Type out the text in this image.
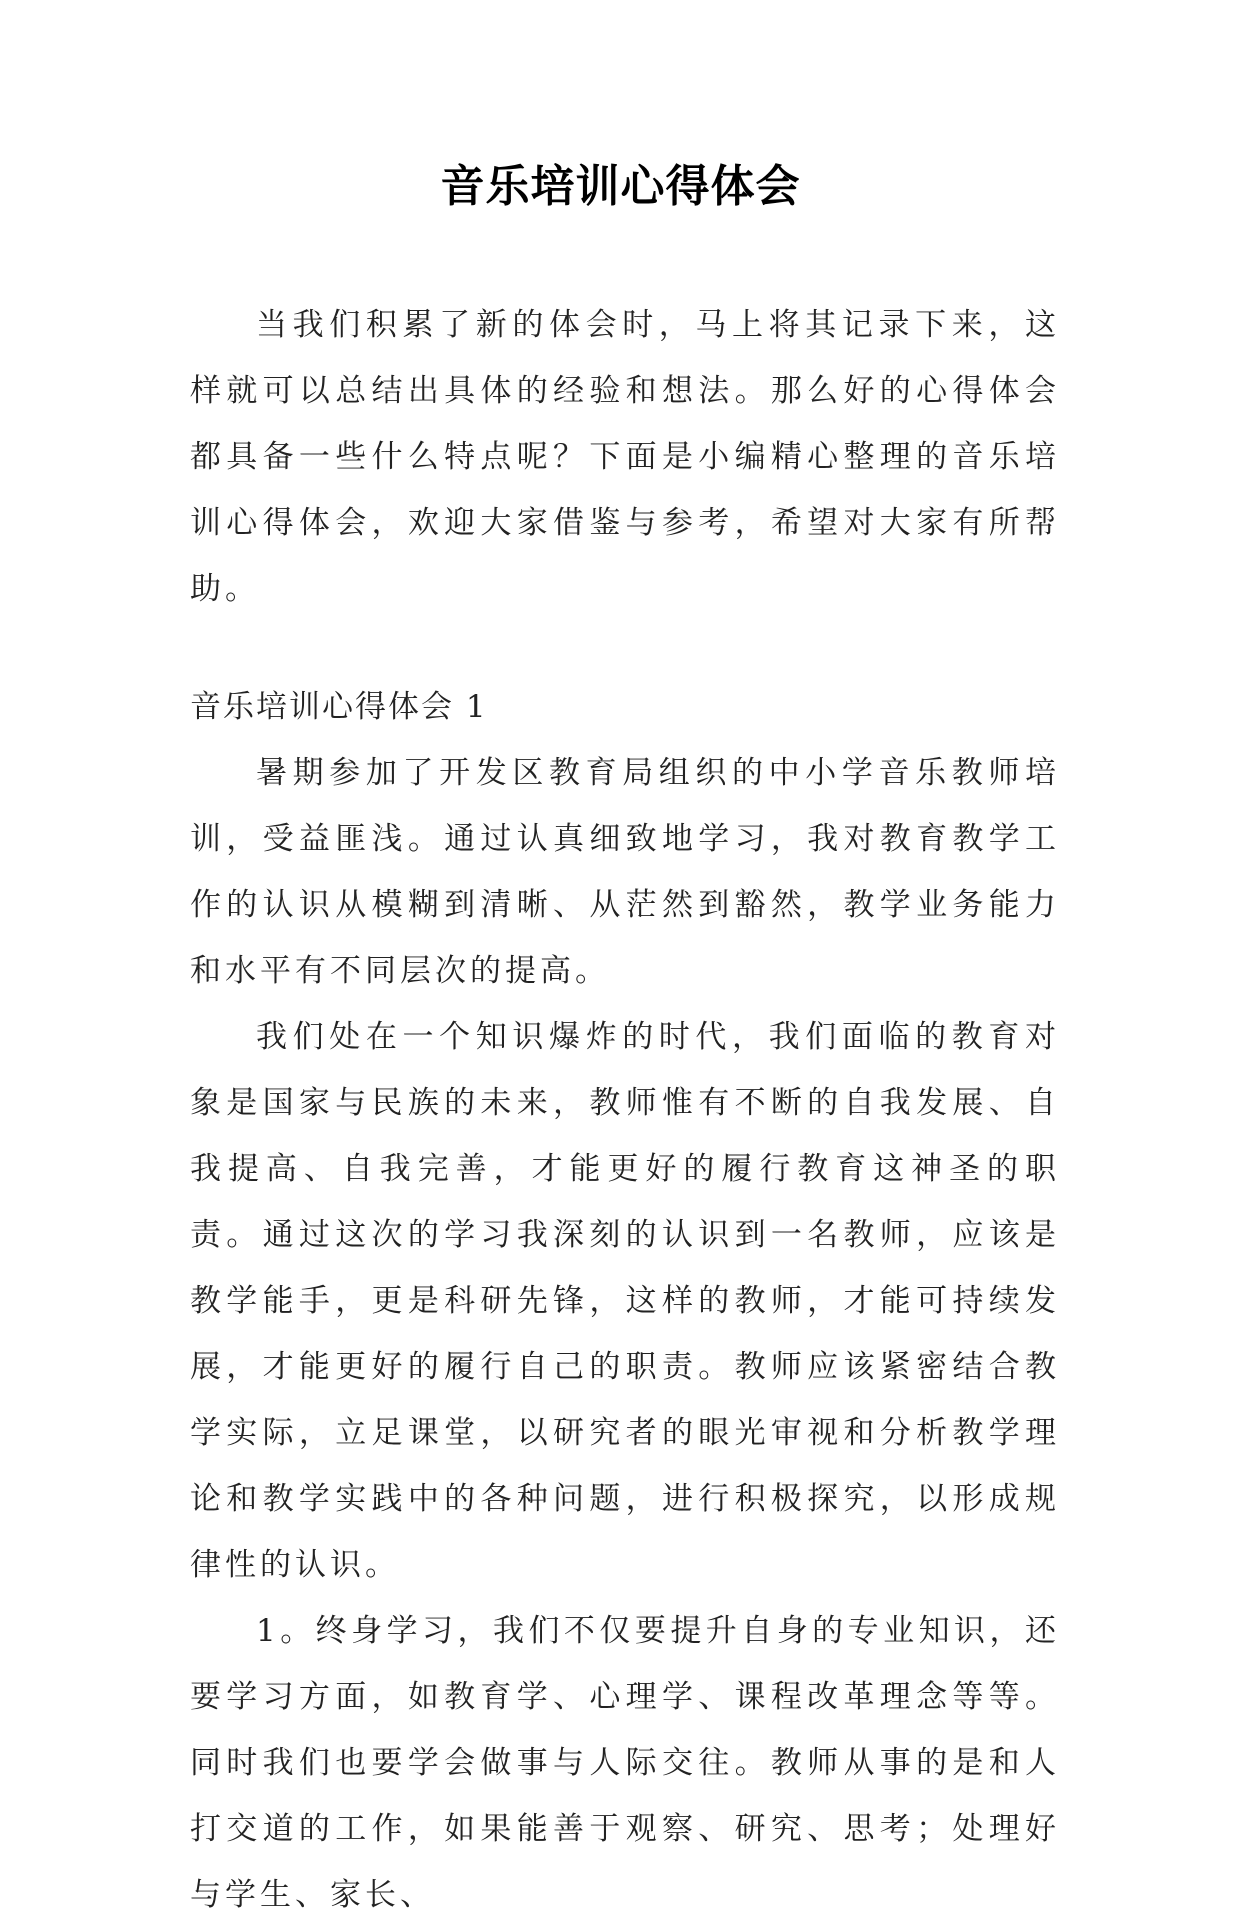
音乐培训心得体会

当我们积累了新的体会时，马上将其记录下来，这样就可以总结出具体的经验和想法。那么好的心得体会都具备一些什么特点呢？下面是小编精心整理的音乐培训心得体会，欢迎大家借鉴与参考，希望对大家有所帮助。

音乐培训心得体会 1

暑期参加了开发区教育局组织的中小学音乐教师培训，受益匪浅。通过认真细致地学习，我对教育教学工作的认识从模糊到清晰、从茫然到豁然，教学业务能力和水平有不同层次的提高。

我们处在一个知识爆炸的时代，我们面临的教育对象是国家与民族的未来，教师惟有不断的自我发展、自我提高、自我完善，才能更好的履行教育这神圣的职责。通过这次的学习我深刻的认识到一名教师，应该是教学能手，更是科研先锋，这样的教师，才能可持续发展，才能更好的履行自己的职责。教师应该紧密结合教学实际，立足课堂，以研究者的眼光审视和分析教学理论和教学实践中的各种问题，进行积极探究，以形成规律性的认识。

1。终身学习，我们不仅要提升自身的专业知识，还要学习方面，如教育学、心理学、课程改革理念等等。同时我们也要学会做事与人际交往。教师从事的是和人打交道的工作，如果能善于观察、研究、思考；处理好与学生、家长、
